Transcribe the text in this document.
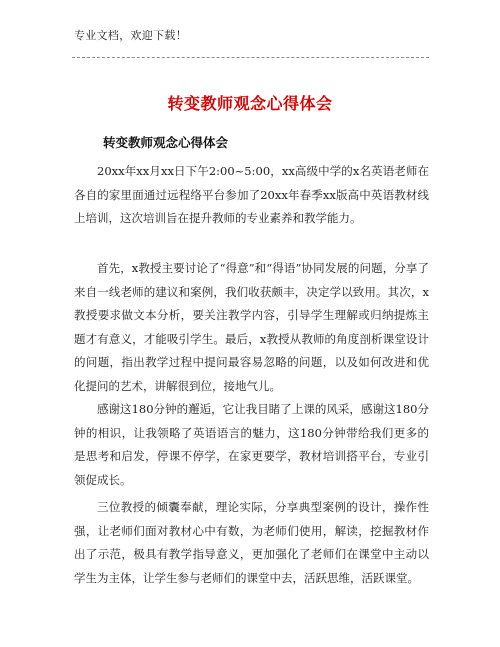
专业文档，欢迎下载！
转变教师观念心得体会
转变教师观念心得体会

20xx年xx月xx日下午2:00~5:00，xx高级中学的x名英语老师在各自的家里面通过远程络平台参加了20xx年春季xx版高中英语教材线上培训，这次培训旨在提升教师的专业素养和教学能力。

首先，x教授主要讨论了“得意”和“得语”协同发展的问题，分享了来自一线老师的建议和案例，我们收获颇丰，决定学以致用。其次，x教授要求做文本分析，要关注教学内容，引导学生理解或归纳提炼主题才有意义，才能吸引学生。最后，x教授从教师的角度剖析课堂设计的问题，指出教学过程中提问最容易忽略的问题，以及如何改进和优化提问的艺术，讲解很到位，接地气儿。

感谢这180分钟的邂逅，它让我目睹了上课的风采，感谢这180分钟的相识，让我领略了英语语言的魅力，这180分钟带给我们更多的是思考和启发，停课不停学，在家更要学，教材培训搭平台，专业引领促成长。

三位教授的倾囊奉献，理论实际，分享典型案例的设计，操作性强，让老师们面对教材心中有数，为老师们使用，解读，挖掘教材作出了示范，极具有教学指导意义，更加强化了老师们在课堂中主动以学生为主体，让学生参与老师们的课堂中去，活跃思维，活跃课堂。
